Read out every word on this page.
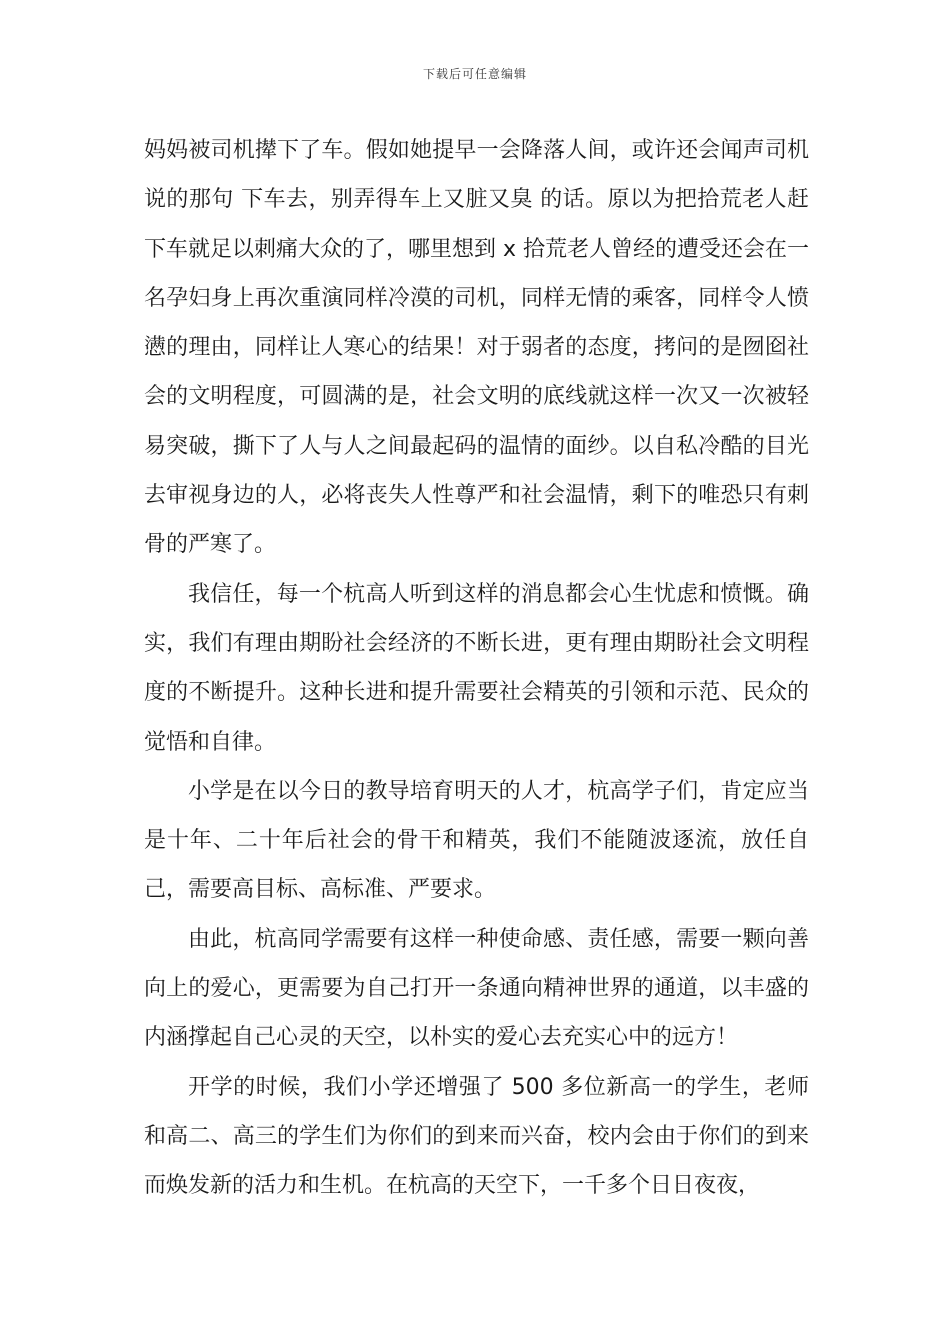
下载后可任意编辑

妈妈被司机撵下了车。假如她提早一会降落人间，或许还会闻声司机说的那句 下车去，别弄得车上又脏又臭 的话。原以为把拾荒老人赶下车就足以刺痛大众的了，哪里想到 x 拾荒老人曾经的遭受还会在一名孕妇身上再次重演同样冷漠的司机，同样无情的乘客，同样令人愤懑的理由，同样让人寒心的结果！对于弱者的态度，拷问的是囫囵社会的文明程度，可圆满的是，社会文明的底线就这样一次又一次被轻易突破，撕下了人与人之间最起码的温情的面纱。以自私冷酷的目光去审视身边的人，必将丧失人性尊严和社会温情，剩下的唯恐只有刺骨的严寒了。

我信任，每一个杭高人听到这样的消息都会心生忧虑和愤慨。确实，我们有理由期盼社会经济的不断长进，更有理由期盼社会文明程度的不断提升。这种长进和提升需要社会精英的引领和示范、民众的觉悟和自律。

小学是在以今日的教导培育明天的人才，杭高学子们，肯定应当是十年、二十年后社会的骨干和精英，我们不能随波逐流，放任自己，需要高目标、高标准、严要求。

由此，杭高同学需要有这样一种使命感、责任感，需要一颗向善向上的爱心，更需要为自己打开一条通向精神世界的通道，以丰盛的内涵撑起自己心灵的天空，以朴实的爱心去充实心中的远方！

开学的时候，我们小学还增强了 500 多位新高一的学生，老师和高二、高三的学生们为你们的到来而兴奋，校内会由于你们的到来而焕发新的活力和生机。在杭高的天空下，一千多个日日夜夜，
